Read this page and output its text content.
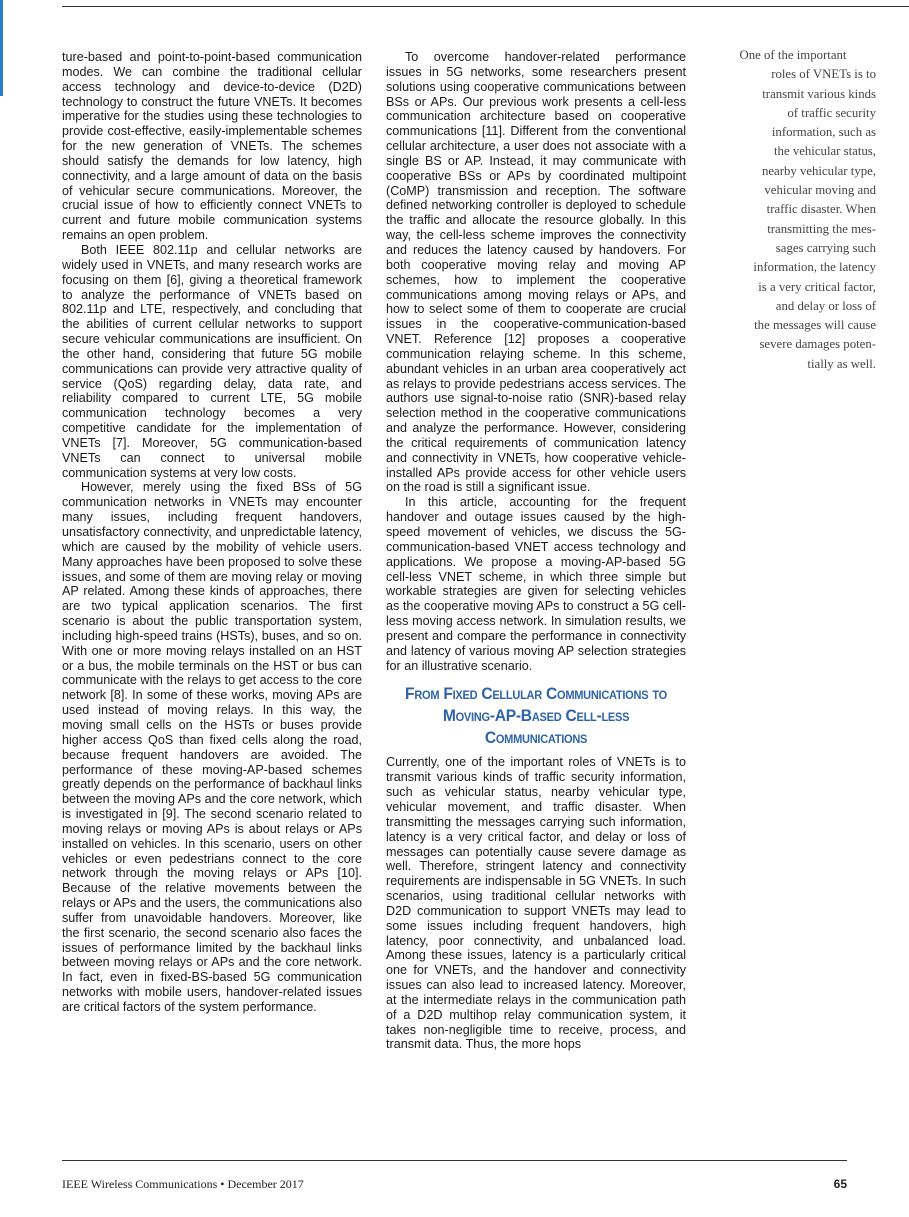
ture-based and point-to-point-based communication modes. We can combine the traditional cellular access technology and device-to-device (D2D) technology to construct the future VNETs. It becomes imperative for the studies using these technologies to provide cost-effective, easily-implementable schemes for the new generation of VNETs. The schemes should satisfy the demands for low latency, high connectivity, and a large amount of data on the basis of vehicular secure communications. Moreover, the crucial issue of how to efficiently connect VNETs to current and future mobile communication systems remains an open problem.

Both IEEE 802.11p and cellular networks are widely used in VNETs, and many research works are focusing on them [6], giving a theoretical framework to analyze the performance of VNETs based on 802.11p and LTE, respectively, and concluding that the abilities of current cellular networks to support secure vehicular communications are insufficient. On the other hand, considering that future 5G mobile communications can provide very attractive quality of service (QoS) regarding delay, data rate, and reliability compared to current LTE, 5G mobile communication technology becomes a very competitive candidate for the implementation of VNETs [7]. Moreover, 5G communication-based VNETs can connect to universal mobile communication systems at very low costs.

However, merely using the fixed BSs of 5G communication networks in VNETs may encounter many issues, including frequent handovers, unsatisfactory connectivity, and unpredictable latency, which are caused by the mobility of vehicle users. Many approaches have been proposed to solve these issues, and some of them are moving relay or moving AP related. Among these kinds of approaches, there are two typical application scenarios. The first scenario is about the public transportation system, including high-speed trains (HSTs), buses, and so on. With one or more moving relays installed on an HST or a bus, the mobile terminals on the HST or bus can communicate with the relays to get access to the core network [8]. In some of these works, moving APs are used instead of moving relays. In this way, the moving small cells on the HSTs or buses provide higher access QoS than fixed cells along the road, because frequent handovers are avoided. The performance of these moving-AP-based schemes greatly depends on the performance of backhaul links between the moving APs and the core network, which is investigated in [9]. The second scenario related to moving relays or moving APs is about relays or APs installed on vehicles. In this scenario, users on other vehicles or even pedestrians connect to the core network through the moving relays or APs [10]. Because of the relative movements between the relays or APs and the users, the communications also suffer from unavoidable handovers. Moreover, like the first scenario, the second scenario also faces the issues of performance limited by the backhaul links between moving relays or APs and the core network. In fact, even in fixed-BS-based 5G communication networks with mobile users, handover-related issues are critical factors of the system performance.

To overcome handover-related performance issues in 5G networks, some researchers present solutions using cooperative communications between BSs or APs. Our previous work presents a cell-less communication architecture based on cooperative communications [11]. Different from the conventional cellular architecture, a user does not associate with a single BS or AP. Instead, it may communicate with cooperative BSs or APs by coordinated multipoint (CoMP) transmission and reception. The software defined networking controller is deployed to schedule the traffic and allocate the resource globally. In this way, the cell-less scheme improves the connectivity and reduces the latency caused by handovers. For both cooperative moving relay and moving AP schemes, how to implement the cooperative communications among moving relays or APs, and how to select some of them to cooperate are crucial issues in the cooperative-communication-based VNET. Reference [12] proposes a cooperative communication relaying scheme. In this scheme, abundant vehicles in an urban area cooperatively act as relays to provide pedestrians access services. The authors use signal-to-noise ratio (SNR)-based relay selection method in the cooperative communications and analyze the performance. However, considering the critical requirements of communication latency and connectivity in VNETs, how cooperative vehicle-installed APs provide access for other vehicle users on the road is still a significant issue.

In this article, accounting for the frequent handover and outage issues caused by the high-speed movement of vehicles, we discuss the 5G-communication-based VNET access technology and applications. We propose a moving-AP-based 5G cell-less VNET scheme, in which three simple but workable strategies are given for selecting vehicles as the cooperative moving APs to construct a 5G cell-less moving access network. In simulation results, we present and compare the performance in connectivity and latency of various moving AP selection strategies for an illustrative scenario.

From Fixed Cellular Communications to
Moving-AP-Based Cell-less Communications

Currently, one of the important roles of VNETs is to transmit various kinds of traffic security information, such as vehicular status, nearby vehicular type, vehicular movement, and traffic disaster. When transmitting the messages carrying such information, latency is a very critical factor, and delay or loss of messages can potentially cause severe damage as well. Therefore, stringent latency and connectivity requirements are indispensable in 5G VNETs. In such scenarios, using traditional cellular networks with D2D communication to support VNETs may lead to some issues including frequent handovers, high latency, poor connectivity, and unbalanced load. Among these issues, latency is a particularly critical one for VNETs, and the handover and connectivity issues can also lead to increased latency. Moreover, at the intermediate relays in the communication path of a D2D multihop relay communication system, it takes non-negligible time to receive, process, and transmit data. Thus, the more hops

One of the important
roles of VNETs is to
transmit various kinds
of traffic security
information, such as
the vehicular status,
nearby vehicular type,
vehicular moving and
traffic disaster. When
transmitting the mes-
sages carrying such
information, the latency
is a very critical factor,
and delay or loss of
the messages will cause
severe damages poten-
tially as well.
IEEE Wireless Communications • December 2017	65
